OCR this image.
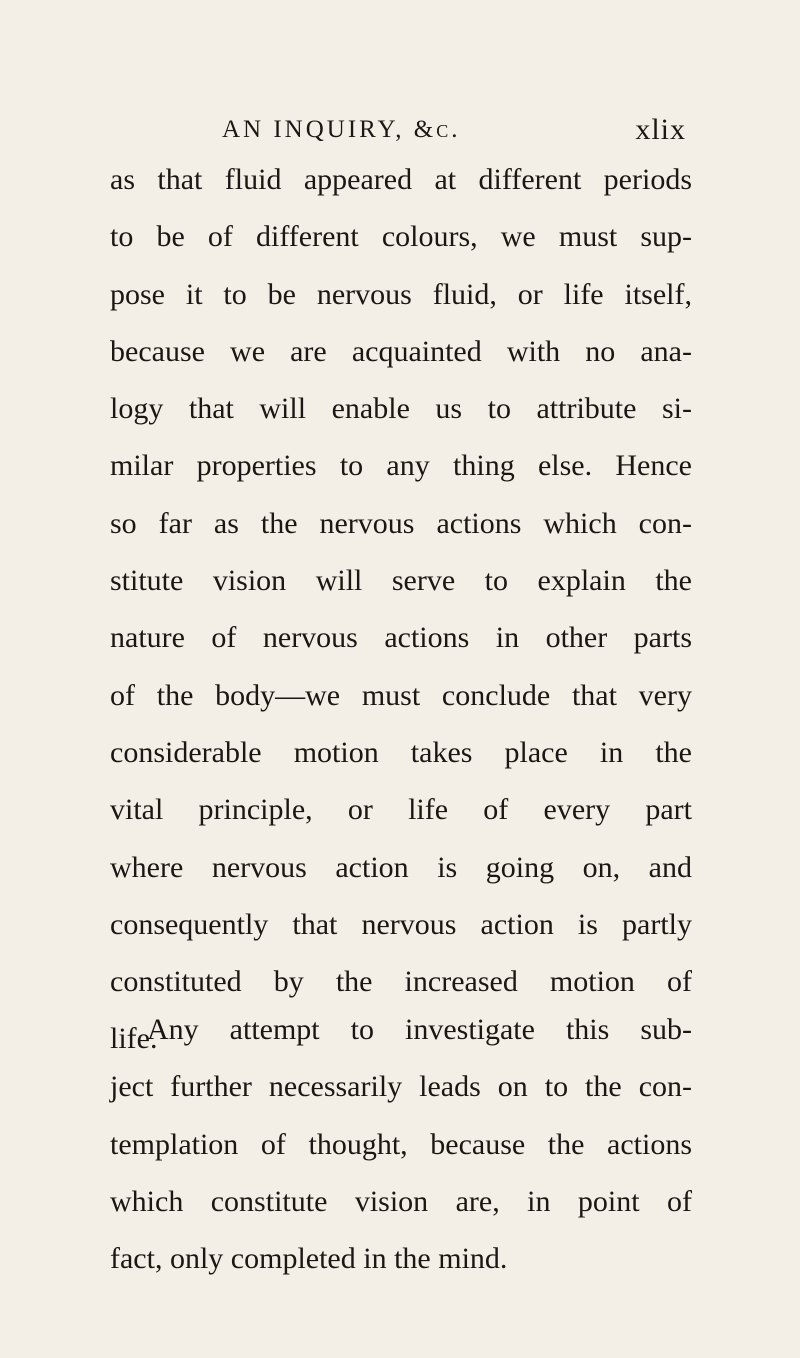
AN INQUIRY, &c.	xlix
as that fluid appeared at different periods
to be of different colours, we must sup-
pose it to be nervous fluid, or life itself,
because we are acquainted with no ana-
logy that will enable us to attribute si-
milar properties to any thing else. Hence
so far as the nervous actions which con-
stitute vision will serve to explain the
nature of nervous actions in other parts
of the body—we must conclude that very
considerable motion takes place in the
vital principle, or life of every part
where nervous action is going on, and
consequently that nervous action is partly
constituted by the increased motion of
life.
Any attempt to investigate this sub-
ject further necessarily leads on to the con-
templation of thought, because the actions
which constitute vision are, in point of
fact, only completed in the mind.
